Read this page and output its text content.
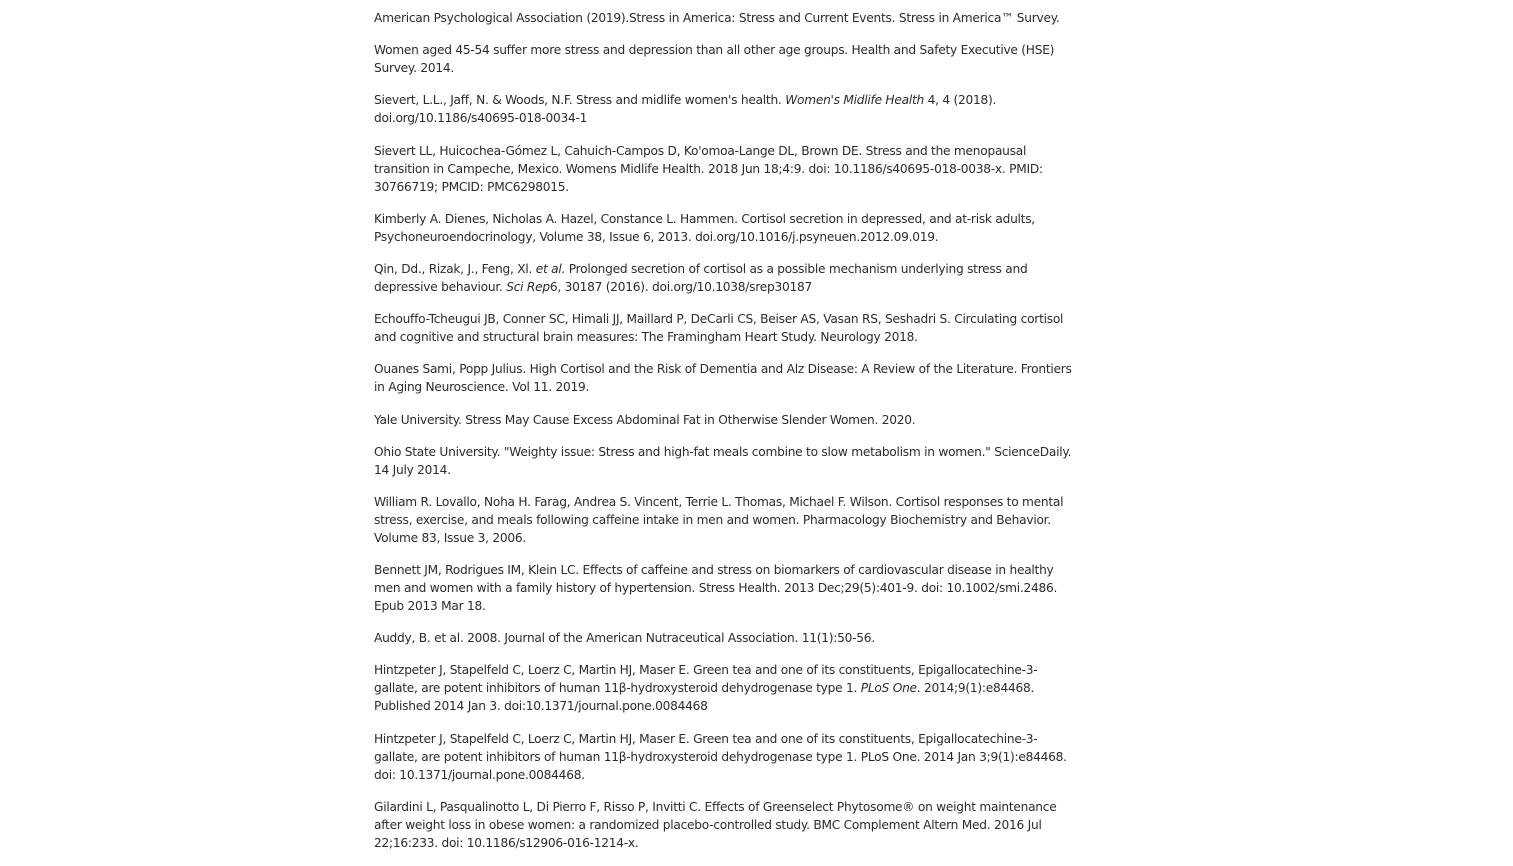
American Psychological Association (2019).Stress in America: Stress and Current Events. Stress in America™ Survey.

Women aged 45-54 suffer more stress and depression than all other age groups. Health and Safety Executive (HSE) Survey. 2014.

Sievert, L.L., Jaff, N. & Woods, N.F. Stress and midlife women's health. Women's Midlife Health 4, 4 (2018). doi.org/10.1186/s40695-018-0034-1

Sievert LL, Huicochea-Gómez L, Cahuich-Campos D, Ko'omoa-Lange DL, Brown DE. Stress and the menopausal transition in Campeche, Mexico. Womens Midlife Health. 2018 Jun 18;4:9. doi: 10.1186/s40695-018-0038-x. PMID: 30766719; PMCID: PMC6298015.

Kimberly A. Dienes, Nicholas A. Hazel, Constance L. Hammen. Cortisol secretion in depressed, and at-risk adults, Psychoneuroendocrinology, Volume 38, Issue 6, 2013. doi.org/10.1016/j.psyneuen.2012.09.019.

Qin, Dd., Rizak, J., Feng, Xl. et al. Prolonged secretion of cortisol as a possible mechanism underlying stress and depressive behaviour. Sci Rep6, 30187 (2016). doi.org/10.1038/srep30187

Echouffo-Tcheugui JB, Conner SC, Himali JJ, Maillard P, DeCarli CS, Beiser AS, Vasan RS, Seshadri S. Circulating cortisol and cognitive and structural brain measures: The Framingham Heart Study. Neurology 2018.

Ouanes Sami, Popp Julius. High Cortisol and the Risk of Dementia and Alz Disease: A Review of the Literature. Frontiers in Aging Neuroscience. Vol 11. 2019.

Yale University. Stress May Cause Excess Abdominal Fat in Otherwise Slender Women. 2020.

Ohio State University. "Weighty issue: Stress and high-fat meals combine to slow metabolism in women." ScienceDaily. 14 July 2014.

William R. Lovallo, Noha H. Farag, Andrea S. Vincent, Terrie L. Thomas, Michael F. Wilson. Cortisol responses to mental stress, exercise, and meals following caffeine intake in men and women. Pharmacology Biochemistry and Behavior. Volume 83, Issue 3, 2006.

Bennett JM, Rodrigues IM, Klein LC. Effects of caffeine and stress on biomarkers of cardiovascular disease in healthy men and women with a family history of hypertension. Stress Health. 2013 Dec;29(5):401-9. doi: 10.1002/smi.2486. Epub 2013 Mar 18.

Auddy, B. et al. 2008. Journal of the American Nutraceutical Association. 11(1):50-56.

Hintzpeter J, Stapelfeld C, Loerz C, Martin HJ, Maser E. Green tea and one of its constituents, Epigallocatechine-3-gallate, are potent inhibitors of human 11β-hydroxysteroid dehydrogenase type 1. PLoS One. 2014;9(1):e84468. Published 2014 Jan 3. doi:10.1371/journal.pone.0084468

Hintzpeter J, Stapelfeld C, Loerz C, Martin HJ, Maser E. Green tea and one of its constituents, Epigallocatechine-3-gallate, are potent inhibitors of human 11β-hydroxysteroid dehydrogenase type 1. PLoS One. 2014 Jan 3;9(1):e84468. doi: 10.1371/journal.pone.0084468.

Gilardini L, Pasqualinotto L, Di Pierro F, Risso P, Invitti C. Effects of Greenselect Phytosome® on weight maintenance after weight loss in obese women: a randomized placebo-controlled study. BMC Complement Altern Med. 2016 Jul 22;16:233. doi: 10.1186/s12906-016-1214-x.
